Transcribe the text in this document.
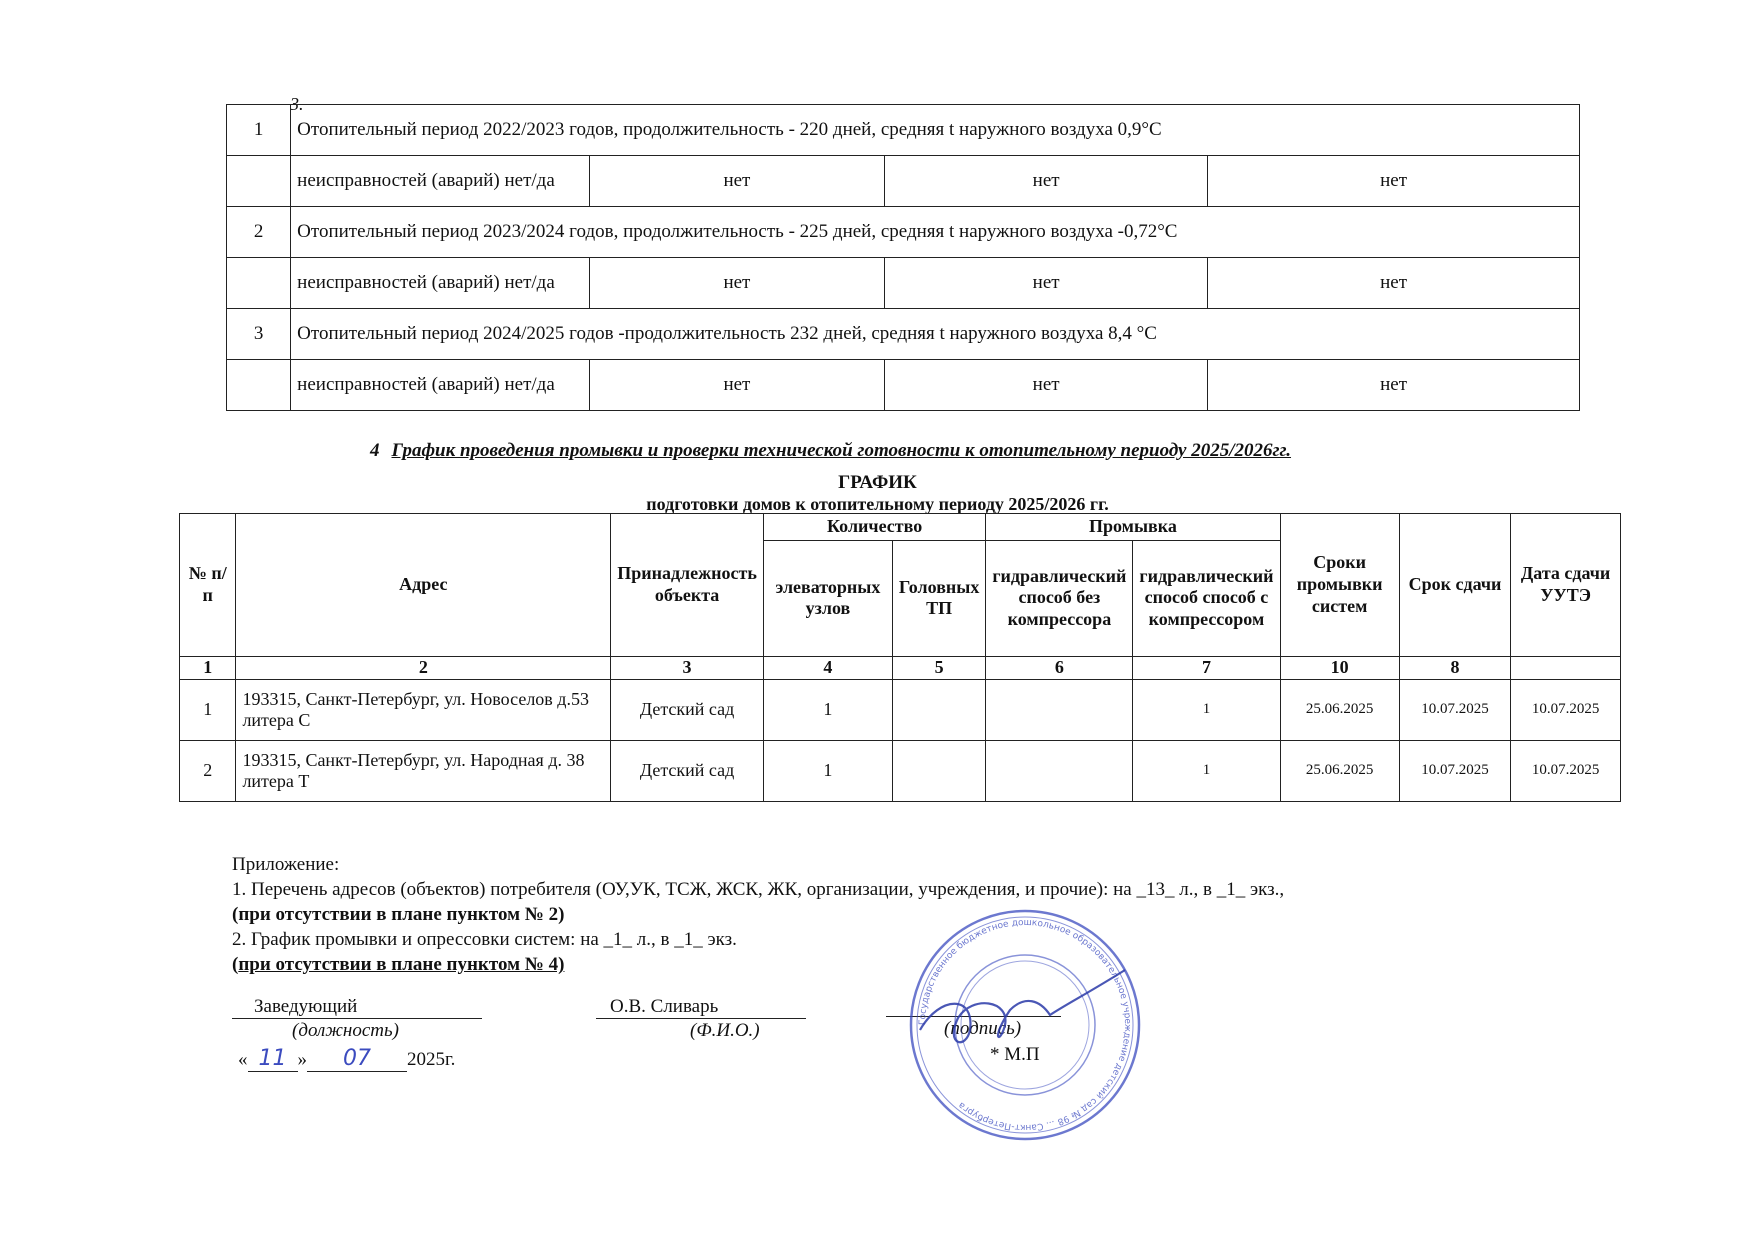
3.
1	Отопительный период 2022/2023 годов, продолжительность - 220 дней, средняя t наружного воздуха 0,9°C			
	неисправностей (аварий) нет/да	нет	нет	нет
2	Отопительный период 2023/2024 годов, продолжительность - 225 дней, средняя t наружного воздуха -0,72°C			
	неисправностей (аварий) нет/да	нет	нет	нет
3	Отопительный период 2024/2025 годов -продолжительность 232 дней, средняя t наружного воздуха 8,4 °C			
	неисправностей (аварий) нет/да	нет	нет	нет
4 График проведения промывки и проверки технической готовности к отопительному периоду 2025/2026гг.
ГРАФИК
подготовки домов к отопительному периоду 2025/2026 гг.
№ п/п	Адрес	Принадлежность объекта	Количество		Промывка		Сроки промывки систем	Срок сдачи	Дата сдачи УУТЭ
			элеваторных узлов	Головных ТП	гидравлический способ без компрессора	гидравлический способ способ с компрессором			
1	2	3	4	5	6	7	10	8	
1	193315, Санкт-Петербург, ул. Новоселов д.53 литера С	Детский сад	1			1	25.06.2025	10.07.2025	10.07.2025
2	193315, Санкт-Петербург, ул. Народная д. 38 литера Т	Детский сад	1			1	25.06.2025	10.07.2025	10.07.2025
Приложение:
1. Перечень адресов (объектов) потребителя (ОУ,УК, ТСЖ, ЖСК, ЖК, организации, учреждения, и прочие): на _13_ л., в _1_ экз.,
(при отсутствии в плане пунктом № 2)
2. График промывки и опрессовки систем: на _1_ л., в _1_ экз.
(при отсутствии в плане пунктом № 4)
Заведующий
(должность)
О.В. Сливарь
(Ф.И.О.)	(подпись)
* М.П
« 11 » 07 2025г.
Государственное бюджетное дошкольное образовательное учреждение детский сад № 98 ... Санкт-Петербурга
